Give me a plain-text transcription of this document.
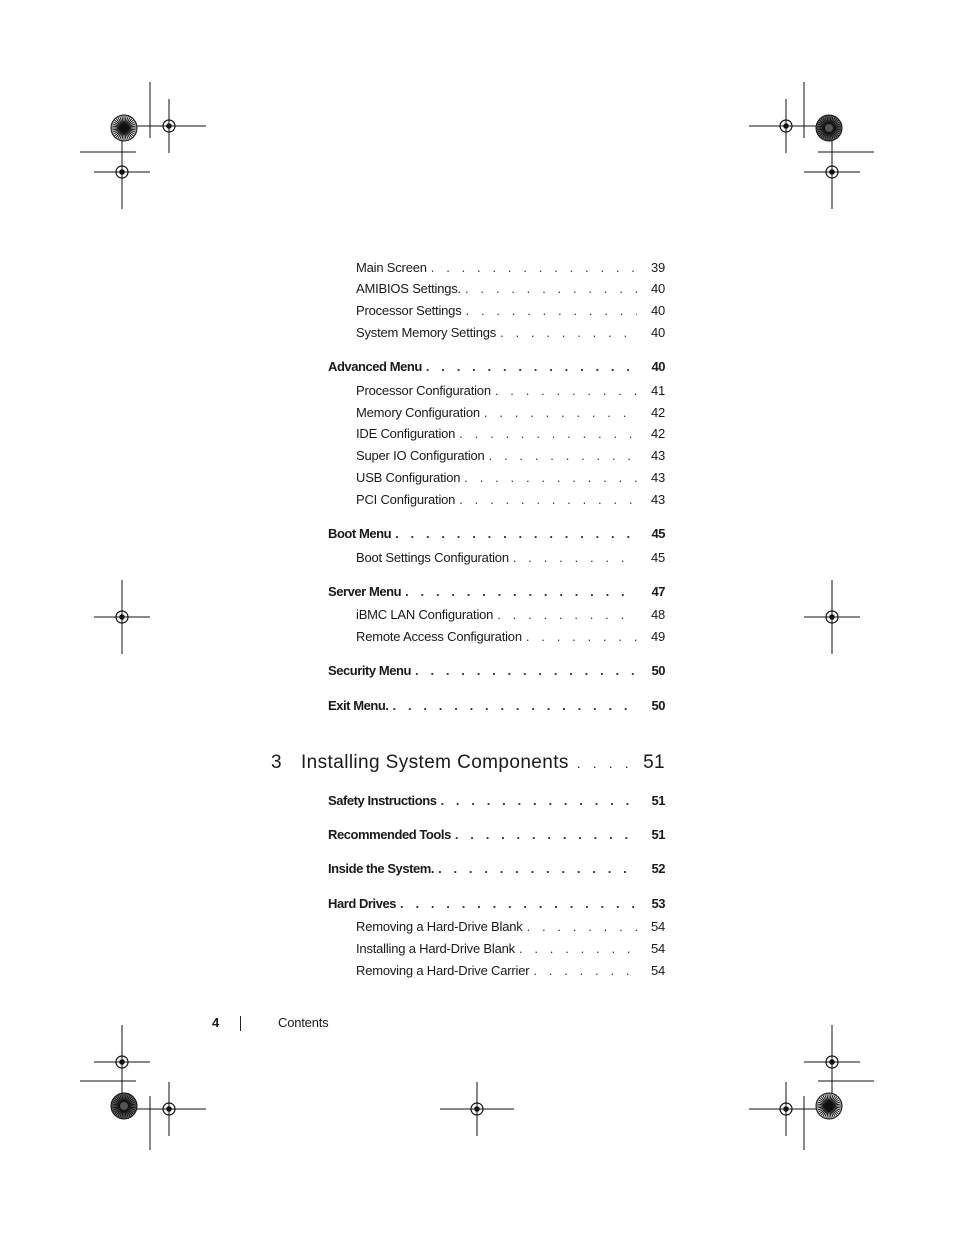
Main Screen . . .	39
AMIBIOS Settings. . . .	40
Processor Settings . . .	40
System Memory Settings . . .	40
Advanced Menu . . .	40
Processor Configuration . . .	41
Memory Configuration . . .	42
IDE Configuration . . .	42
Super IO Configuration . . .	43
USB Configuration . . .	43
PCI Configuration . . .	43
Boot Menu . . .	45
Boot Settings Configuration . . .	45
Server Menu . . .	47
iBMC LAN Configuration . . .	48
Remote Access Configuration . . .	49
Security Menu . . .	50
Exit Menu. . . .	50
3	Installing System Components . . .	51
Safety Instructions . . .	51
Recommended Tools . . .	51
Inside the System. . . .	52
Hard Drives . . .	53
Removing a Hard-Drive Blank . . .	54
Installing a Hard-Drive Blank . . .	54
Removing a Hard-Drive Carrier . . .	54
4	Contents
